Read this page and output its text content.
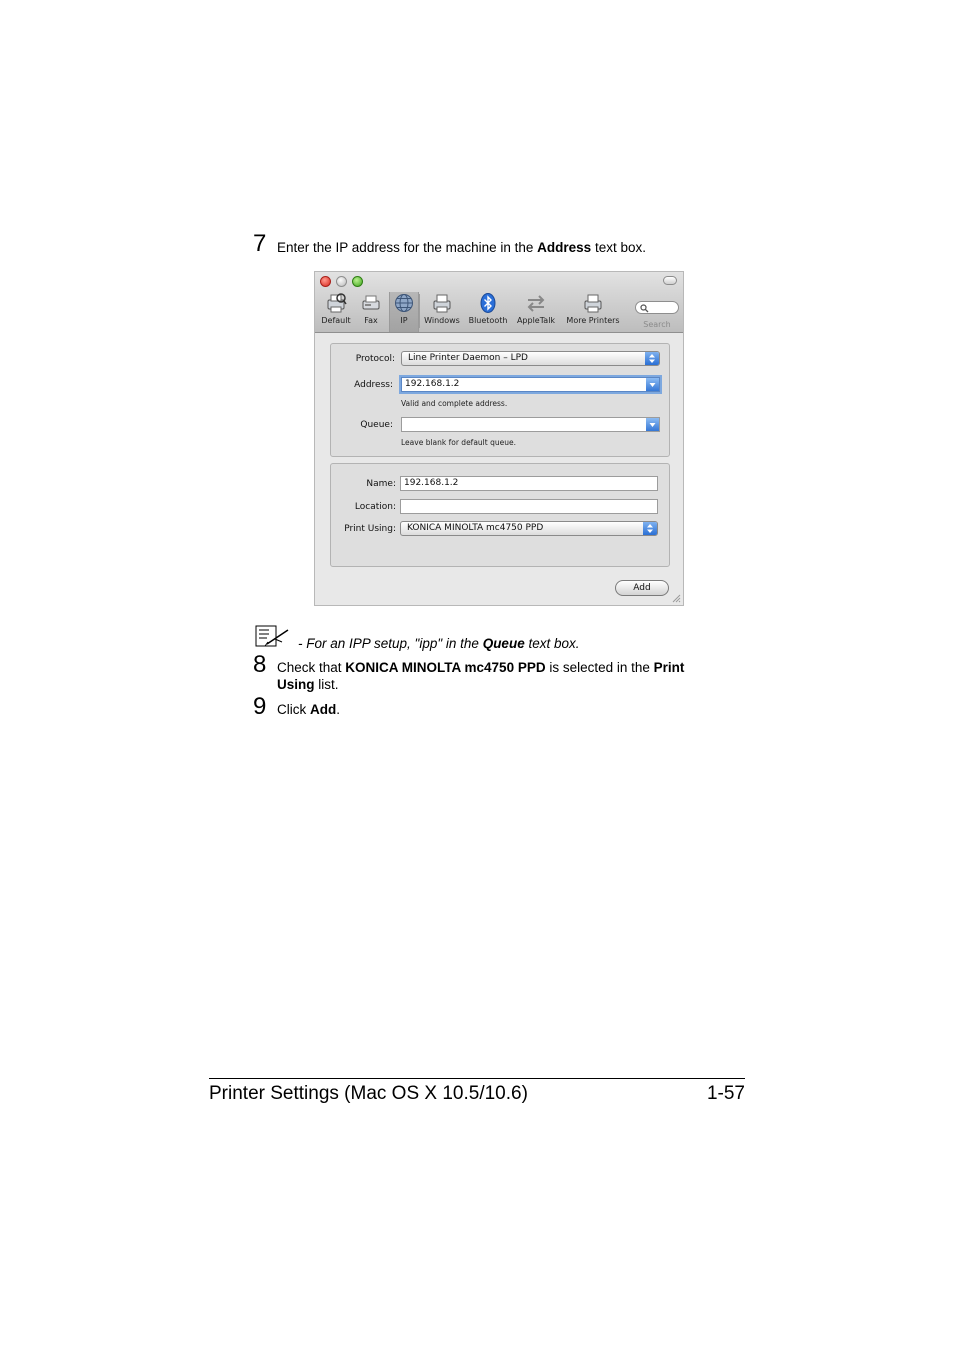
7 Enter the IP address for the machine in the Address text box.
Default	Fax	IP	Windows Bluetooth	AppleTalk	More Printers	Search
Protocol: Line Printer Daemon – LPD
Address: 192.168.1.2
Valid and complete address.
Queue:
Leave blank for default queue.
Name: 192.168.1.2
Location:
Print Using: KONICA MINOLTA mc4750 PPD
Add
- For an IPP setup, "ipp" in the Queue text box.
8 Check that KONICA MINOLTA mc4750 PPD is selected in the Print
Using list.
9 Click Add.
Printer Settings (Mac OS X 10.5/10.6)	1-57
